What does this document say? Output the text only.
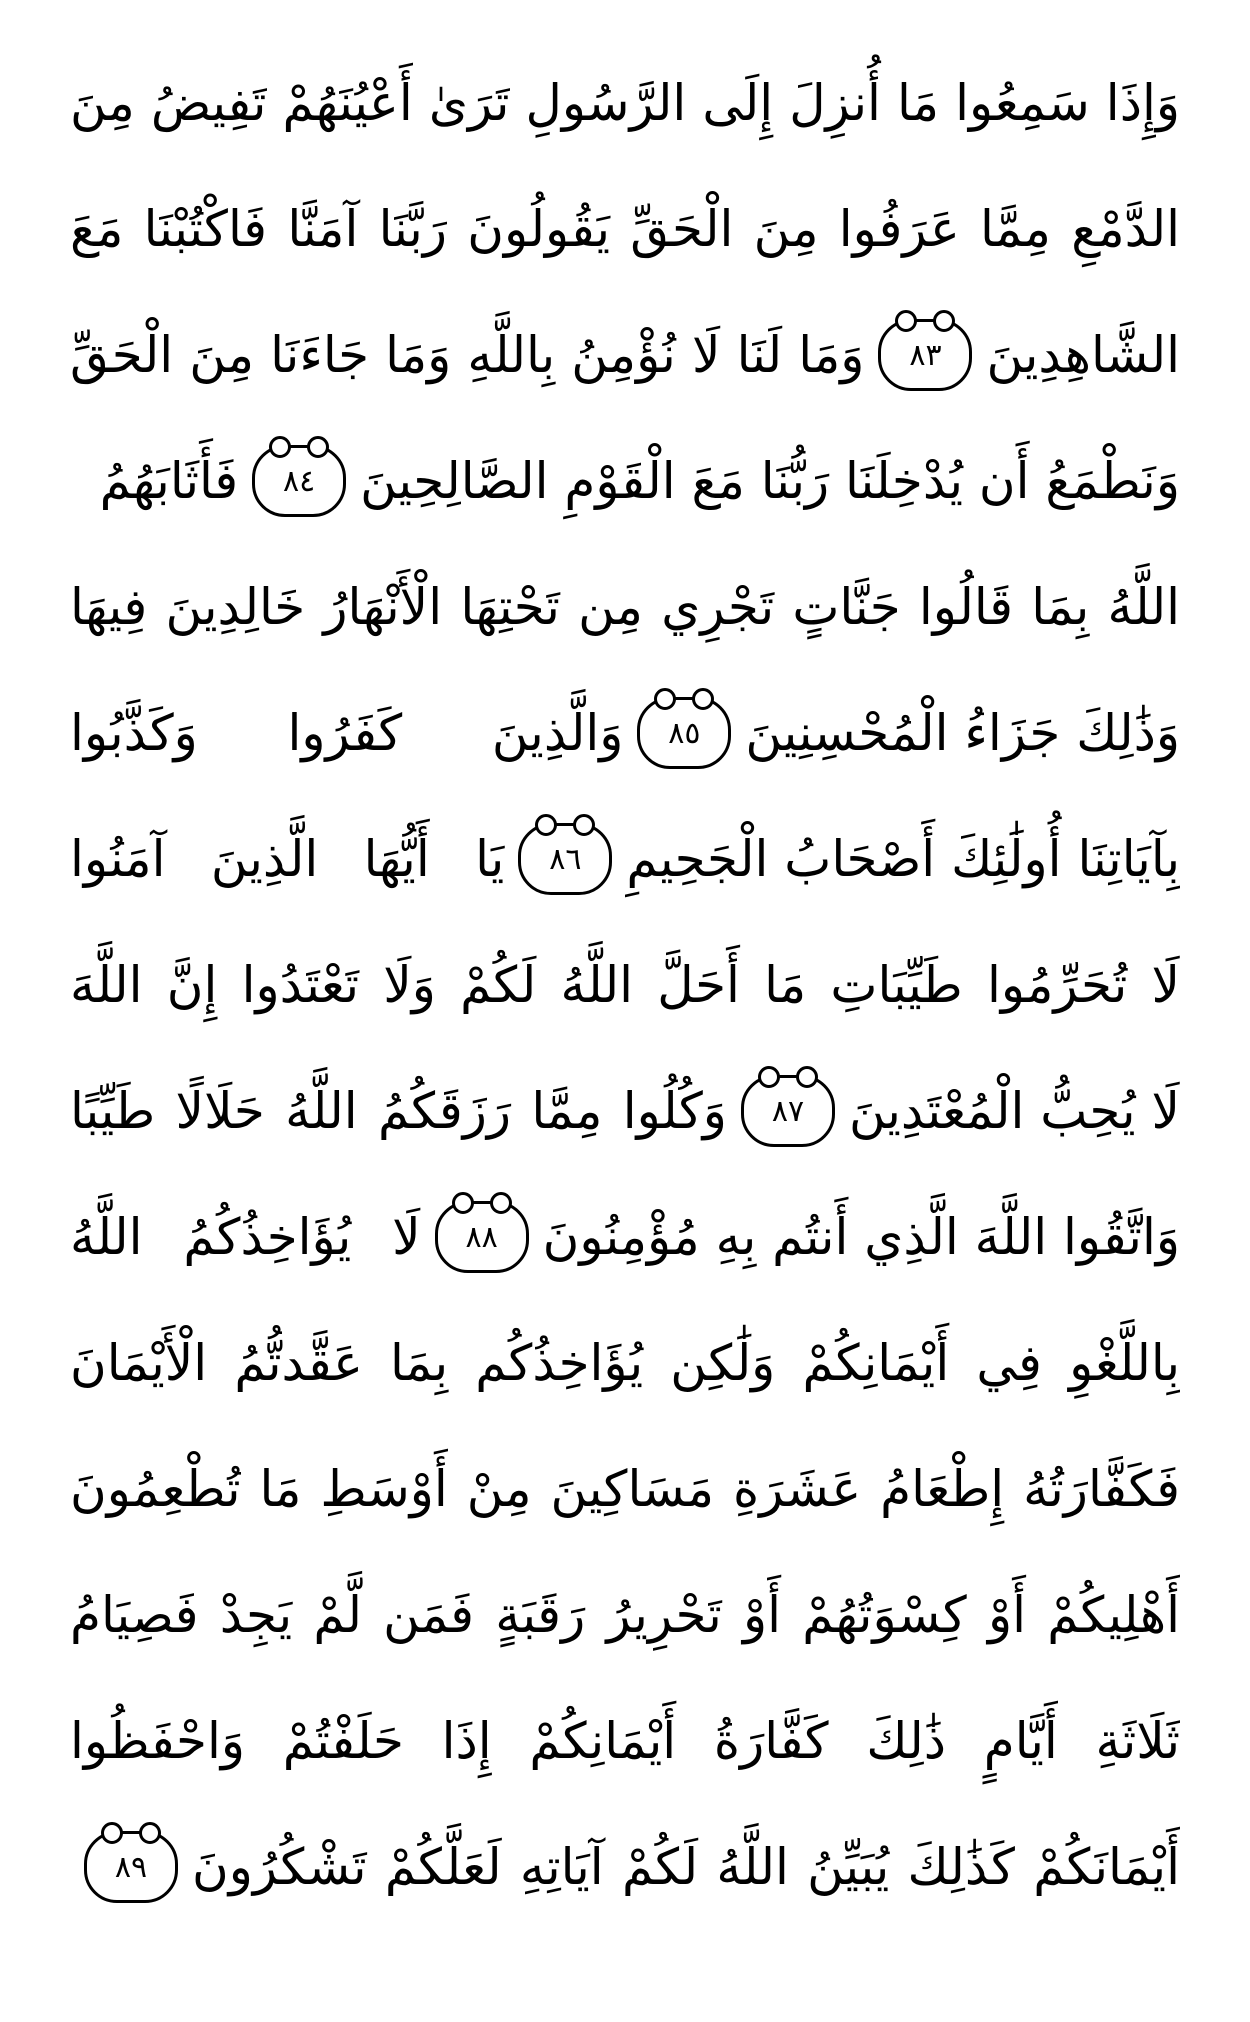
وَإِذَا سَمِعُوا مَا أُنزِلَ إِلَى الرَّسُولِ تَرَىٰ أَعْيُنَهُمْ تَفِيضُ مِنَ
الدَّمْعِ مِمَّا عَرَفُوا مِنَ الْحَقِّ يَقُولُونَ رَبَّنَا آمَنَّا فَاكْتُبْنَا مَعَ
الشَّاهِدِينَ
٨٣
وَمَا لَنَا لَا نُؤْمِنُ بِاللَّهِ وَمَا جَاءَنَا مِنَ الْحَقِّ
وَنَطْمَعُ أَن يُدْخِلَنَا رَبُّنَا مَعَ الْقَوْمِ الصَّالِحِينَ
٨٤
فَأَثَابَهُمُ
اللَّهُ بِمَا قَالُوا جَنَّاتٍ تَجْرِي مِن تَحْتِهَا الْأَنْهَارُ خَالِدِينَ فِيهَا
وَذَٰلِكَ جَزَاءُ الْمُحْسِنِينَ
٨٥
وَالَّذِينَ كَفَرُوا وَكَذَّبُوا
بِآيَاتِنَا أُولَٰئِكَ أَصْحَابُ الْجَحِيمِ
٨٦
يَا أَيُّهَا الَّذِينَ آمَنُوا
لَا تُحَرِّمُوا طَيِّبَاتِ مَا أَحَلَّ اللَّهُ لَكُمْ وَلَا تَعْتَدُوا إِنَّ اللَّهَ
لَا يُحِبُّ الْمُعْتَدِينَ
٨٧
وَكُلُوا مِمَّا رَزَقَكُمُ اللَّهُ حَلَالًا طَيِّبًا
وَاتَّقُوا اللَّهَ الَّذِي أَنتُم بِهِ مُؤْمِنُونَ
٨٨
لَا يُؤَاخِذُكُمُ اللَّهُ
بِاللَّغْوِ فِي أَيْمَانِكُمْ وَلَٰكِن يُؤَاخِذُكُم بِمَا عَقَّدتُّمُ الْأَيْمَانَ
فَكَفَّارَتُهُ إِطْعَامُ عَشَرَةِ مَسَاكِينَ مِنْ أَوْسَطِ مَا تُطْعِمُونَ
أَهْلِيكُمْ أَوْ كِسْوَتُهُمْ أَوْ تَحْرِيرُ رَقَبَةٍ فَمَن لَّمْ يَجِدْ فَصِيَامُ
ثَلَاثَةِ أَيَّامٍ ذَٰلِكَ كَفَّارَةُ أَيْمَانِكُمْ إِذَا حَلَفْتُمْ وَاحْفَظُوا
أَيْمَانَكُمْ كَذَٰلِكَ يُبَيِّنُ اللَّهُ لَكُمْ آيَاتِهِ لَعَلَّكُمْ تَشْكُرُونَ
٨٩
